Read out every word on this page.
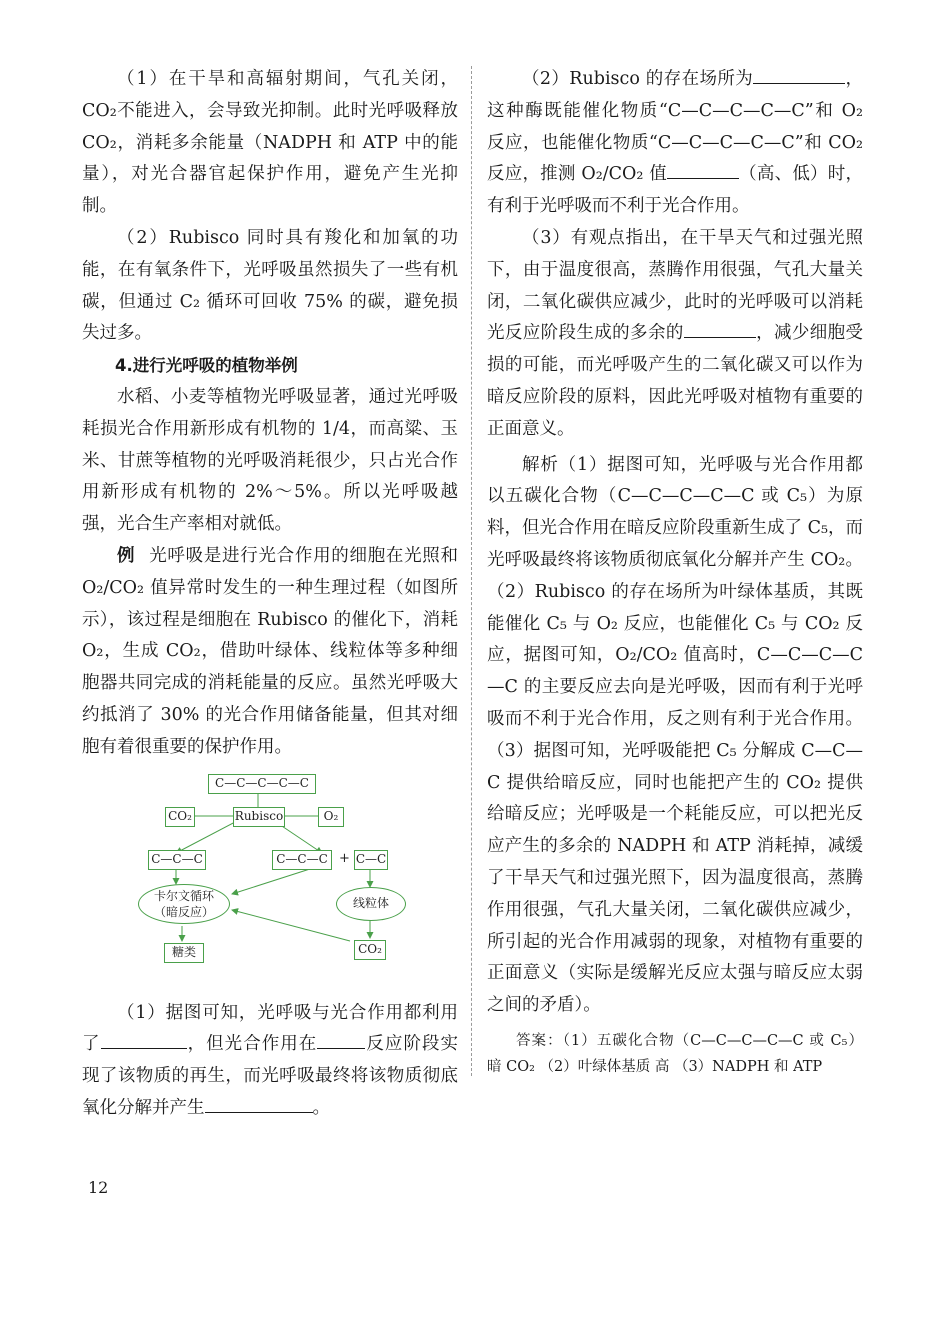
（1）在干旱和高辐射期间，气孔关闭，CO₂不能进入，会导致光抑制。此时光呼吸释放CO₂，消耗多余能量（NADPH 和 ATP 中的能量），对光合器官起保护作用，避免产生光抑制。

（2）Rubisco 同时具有羧化和加氧的功能，在有氧条件下，光呼吸虽然损失了一些有机碳，但通过 C₂ 循环可回收 75% 的碳，避免损失过多。

4.进行光呼吸的植物举例

水稻、小麦等植物光呼吸显著，通过光呼吸耗损光合作用新形成有机物的 1/4，而高粱、玉米、甘蔗等植物的光呼吸消耗很少，只占光合作用新形成有机物的 2%～5%。所以光呼吸越强，光合生产率相对就低。

例 光呼吸是进行光合作用的细胞在光照和 O₂/CO₂ 值异常时发生的一种生理过程（如图所示），该过程是细胞在 Rubisco 的催化下，消耗 O₂，生成 CO₂，借助叶绿体、线粒体等多种细胞器共同完成的消耗能量的反应。虽然光呼吸大约抵消了 30% 的光合作用储备能量，但其对细胞有着很重要的保护作用。

C—C—C—C—C
CO₂	Rubisco	O₂
C—C—C	C—C—C + C—C
卡尔文循环
（暗反应）
线粒体
糖类	CO₂

（1）据图可知，光呼吸与光合作用都利用了	，但光合作用在	反应阶段实现了该物质的再生，而光呼吸最终将该物质彻底氧化分解并产生	。

（2）Rubisco 的存在场所为	，这种酶既能催化物质“C—C—C—C—C”和 O₂ 反应，也能催化物质“C—C—C—C—C”和 CO₂ 反应，推测 O₂/CO₂ 值	（高、低）时，有利于光呼吸而不利于光合作用。

（3）有观点指出，在干旱天气和过强光照下，由于温度很高，蒸腾作用很强，气孔大量关闭，二氧化碳供应减少，此时的光呼吸可以消耗光反应阶段生成的多余的	，减少细胞受损的可能，而光呼吸产生的二氧化碳又可以作为暗反应阶段的原料，因此光呼吸对植物有重要的正面意义。

解析（1）据图可知，光呼吸与光合作用都以五碳化合物（C—C—C—C—C 或 C₅）为原料，但光合作用在暗反应阶段重新生成了 C₅，而光呼吸最终将该物质彻底氧化分解并产生 CO₂。（2）Rubisco 的存在场所为叶绿体基质，其既能催化 C₅ 与 O₂ 反应，也能催化 C₅ 与 CO₂ 反应，据图可知，O₂/CO₂ 值高时，C—C—C—C—C 的主要反应去向是光呼吸，因而有利于光呼吸而不利于光合作用，反之则有利于光合作用。（3）据图可知，光呼吸能把 C₅ 分解成 C—C—C 提供给暗反应，同时也能把产生的 CO₂ 提供给暗反应；光呼吸是一个耗能反应，可以把光反应产生的多余的 NADPH 和 ATP 消耗掉，减缓了干旱天气和过强光照下，因为温度很高，蒸腾作用很强，气孔大量关闭，二氧化碳供应减少，所引起的光合作用减弱的现象，对植物有重要的正面意义（实际是缓解光反应太强与暗反应太弱之间的矛盾）。

答案：（1）五碳化合物（C—C—C—C—C 或 C₅） 暗 CO₂ （2）叶绿体基质 高 （3）NADPH 和 ATP

12
